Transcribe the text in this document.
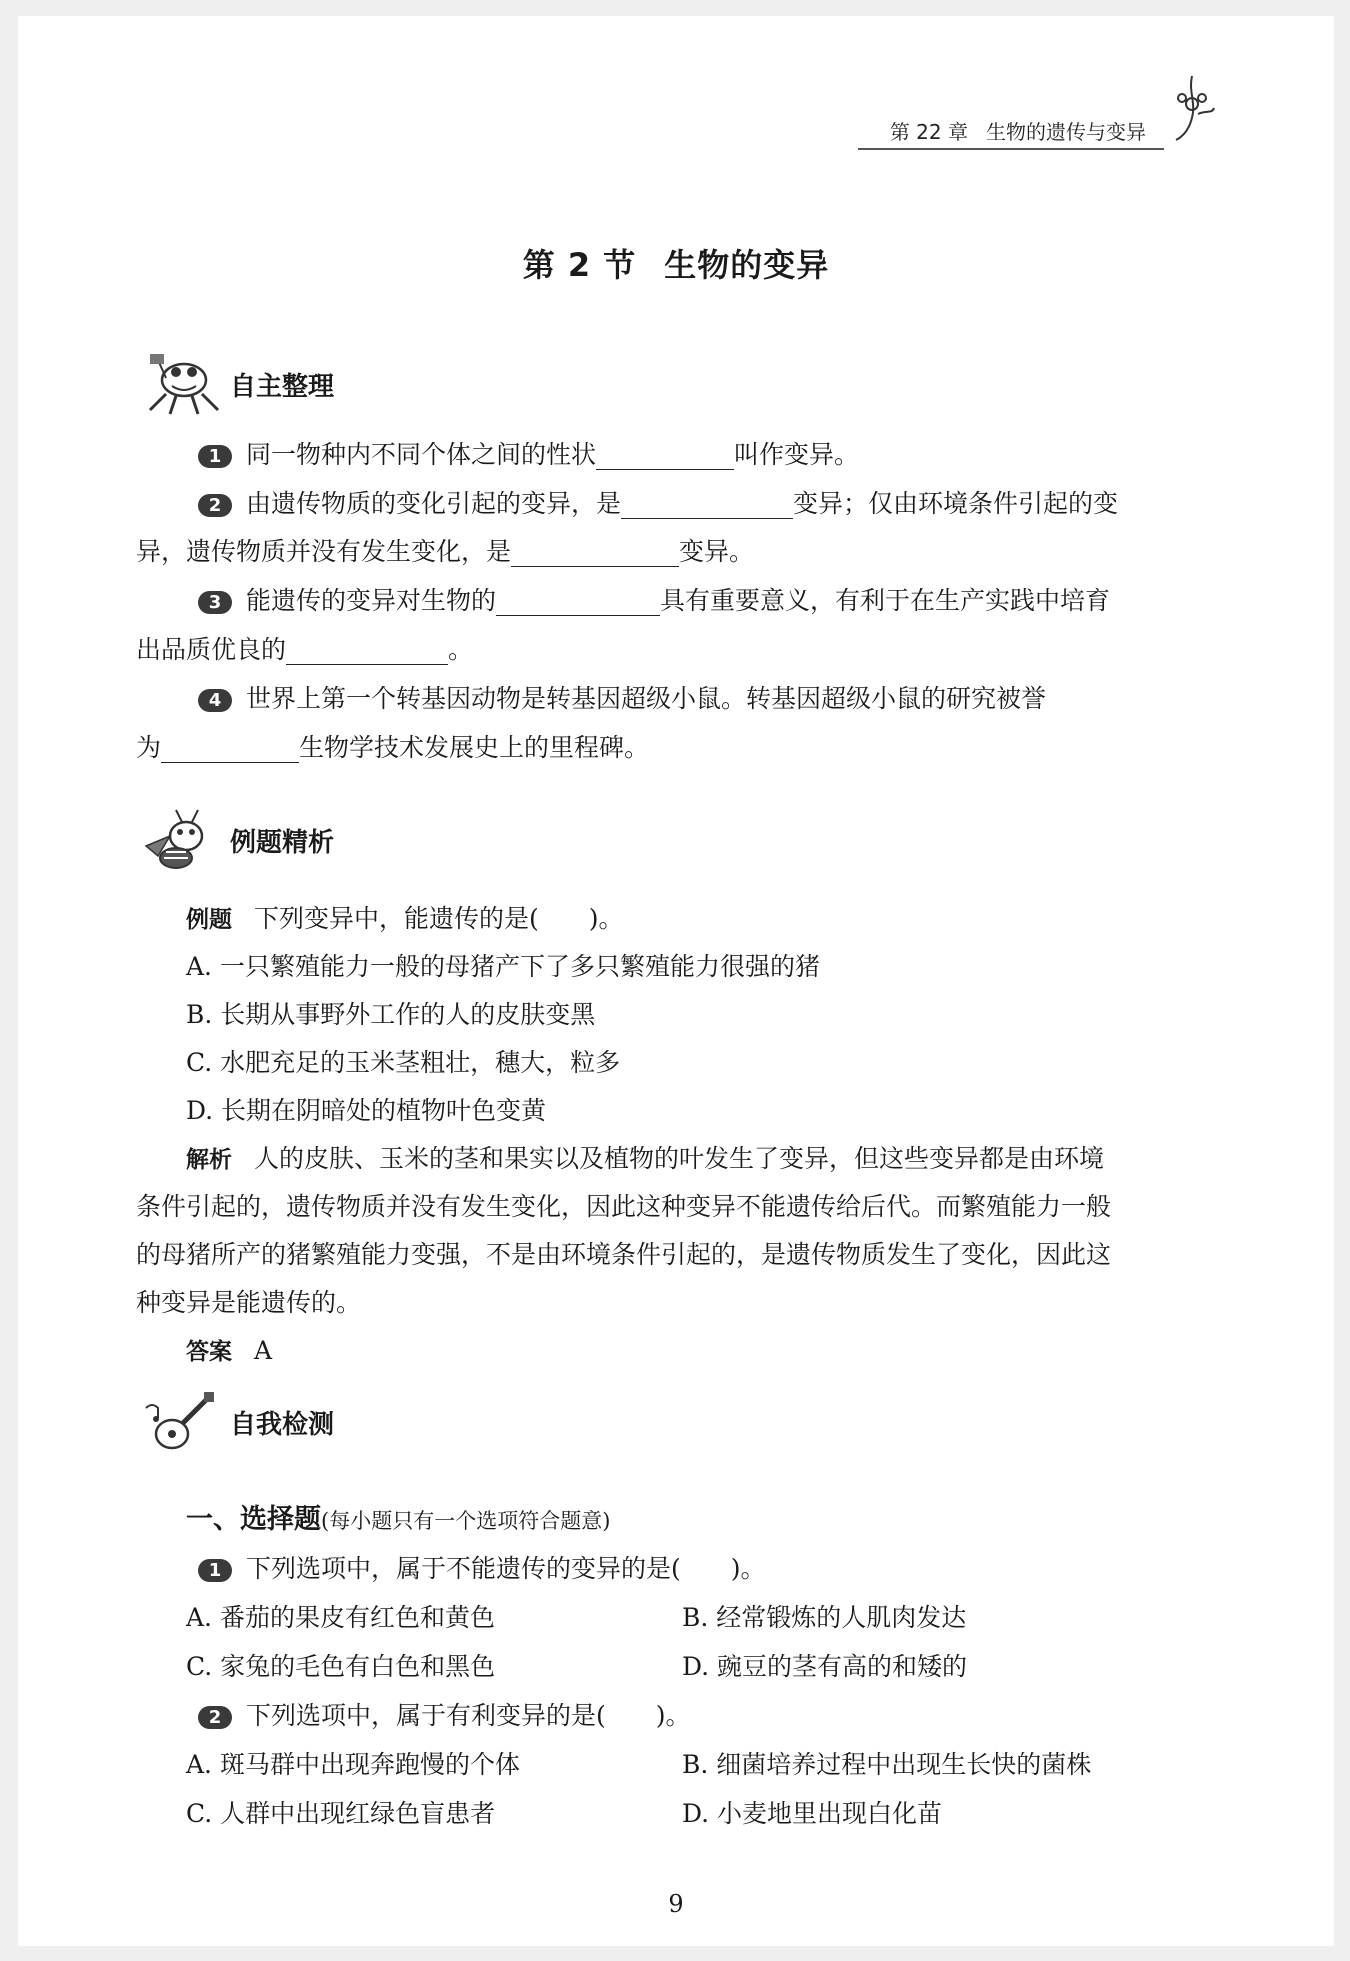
第 22 章 生物的遗传与变异
第 2 节 生物的变异
自主整理
1 同一物种内不同个体之间的性状	叫作变异。
2 由遗传物质的变化引起的变异，是	变异；仅由环境条件引起的变
异，遗传物质并没有发生变化，是	变异。
3 能遗传的变异对生物的	具有重要意义，有利于在生产实践中培育
出品质优良的	。
4 世界上第一个转基因动物是转基因超级小鼠。转基因超级小鼠的研究被誉
为	生物学技术发展史上的里程碑。
例题精析
例题 下列变异中，能遗传的是(　　)。
A. 一只繁殖能力一般的母猪产下了多只繁殖能力很强的猪
B. 长期从事野外工作的人的皮肤变黑
C. 水肥充足的玉米茎粗壮，穗大，粒多
D. 长期在阴暗处的植物叶色变黄
解析 人的皮肤、玉米的茎和果实以及植物的叶发生了变异，但这些变异都是由环境
条件引起的，遗传物质并没有发生变化，因此这种变异不能遗传给后代。而繁殖能力一般
的母猪所产的猪繁殖能力变强，不是由环境条件引起的，是遗传物质发生了变化，因此这
种变异是能遗传的。
答案 A
自我检测
一、选择题(每小题只有一个选项符合题意)
1 下列选项中，属于不能遗传的变异的是(　　)。
A. 番茄的果皮有红色和黄色	B. 经常锻炼的人肌肉发达
C. 家兔的毛色有白色和黑色	D. 豌豆的茎有高的和矮的
2 下列选项中，属于有利变异的是(　　)。
A. 斑马群中出现奔跑慢的个体	B. 细菌培养过程中出现生长快的菌株
C. 人群中出现红绿色盲患者	D. 小麦地里出现白化苗
9
